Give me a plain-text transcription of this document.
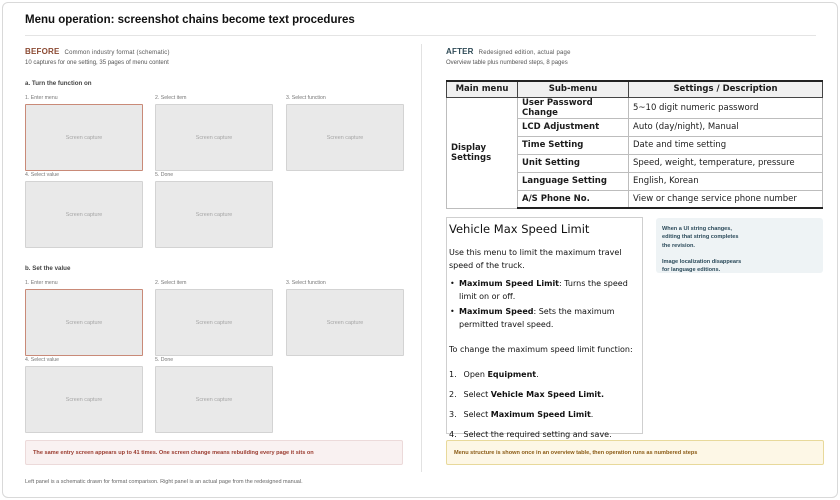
Menu operation: screenshot chains become text procedures
BEFORE Common industry format (schematic)
10 captures for one setting, 35 pages of menu content
AFTER Redesigned edition, actual page
Overview table plus numbered steps, 8 pages
a. Turn the function on
1. Enter menu	2. Select item	3. Select function
Screen capture	Screen capture	Screen capture
4. Select value	5. Done
Screen capture	Screen capture
b. Set the value
1. Enter menu	2. Select item	3. Select function
Screen capture	Screen capture	Screen capture
4. Select value	5. Done
Screen capture	Screen capture
The same entry screen appears up to 41 times. One screen change means rebuilding every page it sits on
Main menu	Sub-menu	Settings / Description
Display Settings	User Password Change	5~10 digit numeric password
	LCD Adjustment	Auto (day/night), Manual
	Time Setting	Date and time setting
	Unit Setting	Speed, weight, temperature, pressure
	Language Setting	English, Korean
	A/S Phone No.	View or change service phone number
Vehicle Max Speed Limit

Use this menu to limit the maximum travel speed of the truck.

• Maximum Speed Limit: Turns the speed limit on or off.
• Maximum Speed: Sets the maximum permitted travel speed.

To change the maximum speed limit function:

1. Open Equipment.
2. Select Vehicle Max Speed Limit.
3. Select Maximum Speed Limit.
4. Select the required setting and save.
When a UI string changes,
editing that string completes
the revision.
Image localization disappears
for language editions.
Menu structure is shown once in an overview table, then operation runs as numbered steps
Left panel is a schematic drawn for format comparison. Right panel is an actual page from the redesigned manual.
